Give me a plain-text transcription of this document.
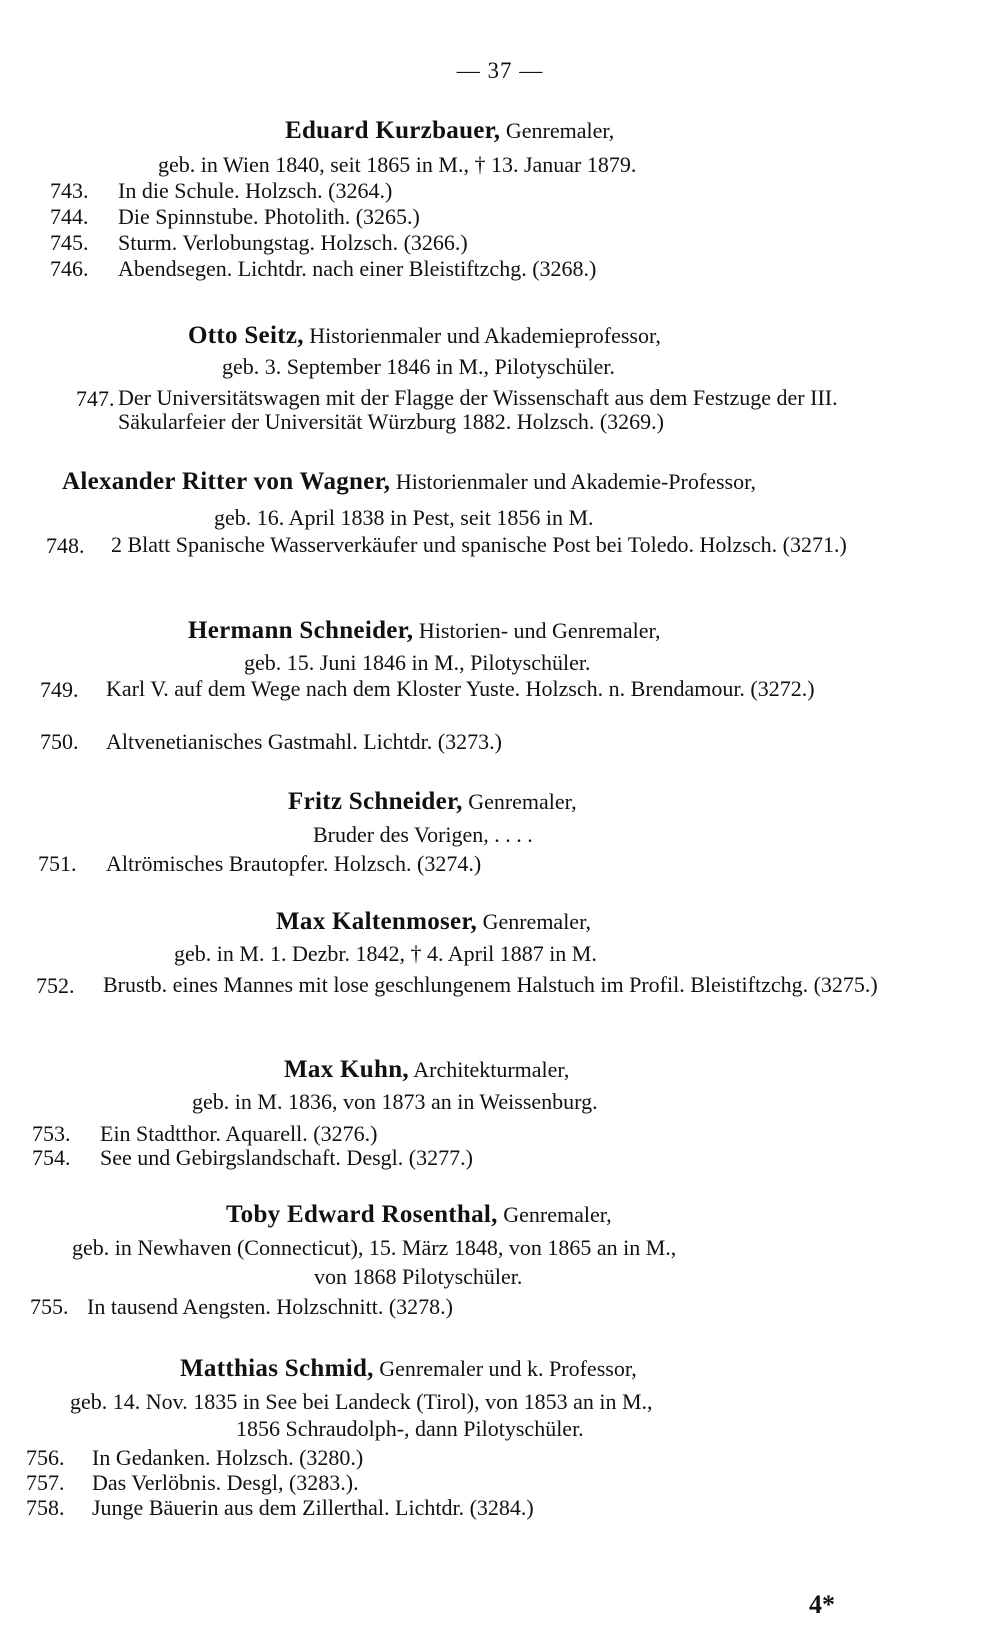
— 37 —
Eduard Kurzbauer, Genremaler,
geb. in Wien 1840, seit 1865 in M., † 13. Januar 1879.
743. In die Schule. Holzsch. (3264.)
744. Die Spinnstube. Photolith. (3265.)
745. Sturm. Verlobungstag. Holzsch. (3266.)
746. Abendsegen. Lichtdr. nach einer Bleistiftzchg. (3268.)
Otto Seitz, Historienmaler und Akademieprofessor,
geb. 3. September 1846 in M., Pilotyschüler.
747. Der Universitätswagen mit der Flagge der Wissenschaft aus dem Festzuge der III. Säkularfeier der Universität Würzburg 1882. Holzsch. (3269.)
Alexander Ritter von Wagner, Historienmaler und Akademie-Professor,
geb. 16. April 1838 in Pest, seit 1856 in M.
748. 2 Blatt Spanische Wasserverkäufer und spanische Post bei Toledo. Holzsch. (3271.)
Hermann Schneider, Historien- und Genremaler,
geb. 15. Juni 1846 in M., Pilotyschüler.
749. Karl V. auf dem Wege nach dem Kloster Yuste. Holzsch. n. Brendamour. (3272.)
750. Altvenetianisches Gastmahl. Lichtdr. (3273.)
Fritz Schneider, Genremaler,
Bruder des Vorigen, . . . .
751. Altrömisches Brautopfer. Holzsch. (3274.)
Max Kaltenmoser, Genremaler,
geb. in M. 1. Dezbr. 1842, † 4. April 1887 in M.
752. Brustb. eines Mannes mit lose geschlungenem Halstuch im Profil. Bleistiftzchg. (3275.)
Max Kuhn, Architekturmaler,
geb. in M. 1836, von 1873 an in Weissenburg.
753. Ein Stadtthor. Aquarell. (3276.)
754. See und Gebirgslandschaft. Desgl. (3277.)
Toby Edward Rosenthal, Genremaler,
geb. in Newhaven (Connecticut), 15. März 1848, von 1865 an in M.,
von 1868 Pilotyschüler.
755. In tausend Aengsten. Holzschnitt. (3278.)
Matthias Schmid, Genremaler und k. Professor,
geb. 14. Nov. 1835 in See bei Landeck (Tirol), von 1853 an in M.,
1856 Schraudolph-, dann Pilotyschüler.
756. In Gedanken. Holzsch. (3280.)
757. Das Verlöbnis. Desgl, (3283.).
758. Junge Bäuerin aus dem Zillerthal. Lichtdr. (3284.)
4*
